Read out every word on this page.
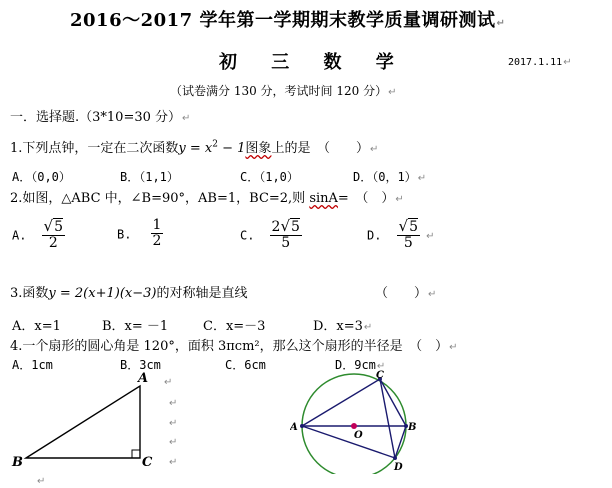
2016～2017 学年第一学期期末教学质量调研测试↵
初 三 数 学	2017.1.11↵
（试卷满分 130 分，考试时间 120 分）↵
一．选择题.（3*10=30 分）↵
1.下列点钟，一定在二次函数$y = x^2 - 1$图象上的是　（　　）↵
A．（0,0）	B．（1,1）	C．（1,0）	D．（0，1）↵
2.如图，△ABC 中，∠B=90°，AB=1，BC=2,则 sinA=　（　）↵
A. $\frac{√5}{2}$	B. $\frac{1}{2}$	C. $\frac{2√5}{5}$	D. $\frac{√5}{5}$ ↵
3.函数y = 2(x+1)(x−3)的对称轴是直线	（　　）↵
A．x=1	B．x= －1	C．x=－3	D．x=3↵
4.一个扇形的圆心角是 120°，面积 3πcm²，那么这个扇形的半径是　（　）↵
A．1cm	B．3cm	C．6cm	D．9cm↵
↵
↵
↵
↵
↵
↵
A
B	C
C
A
O
B
D
